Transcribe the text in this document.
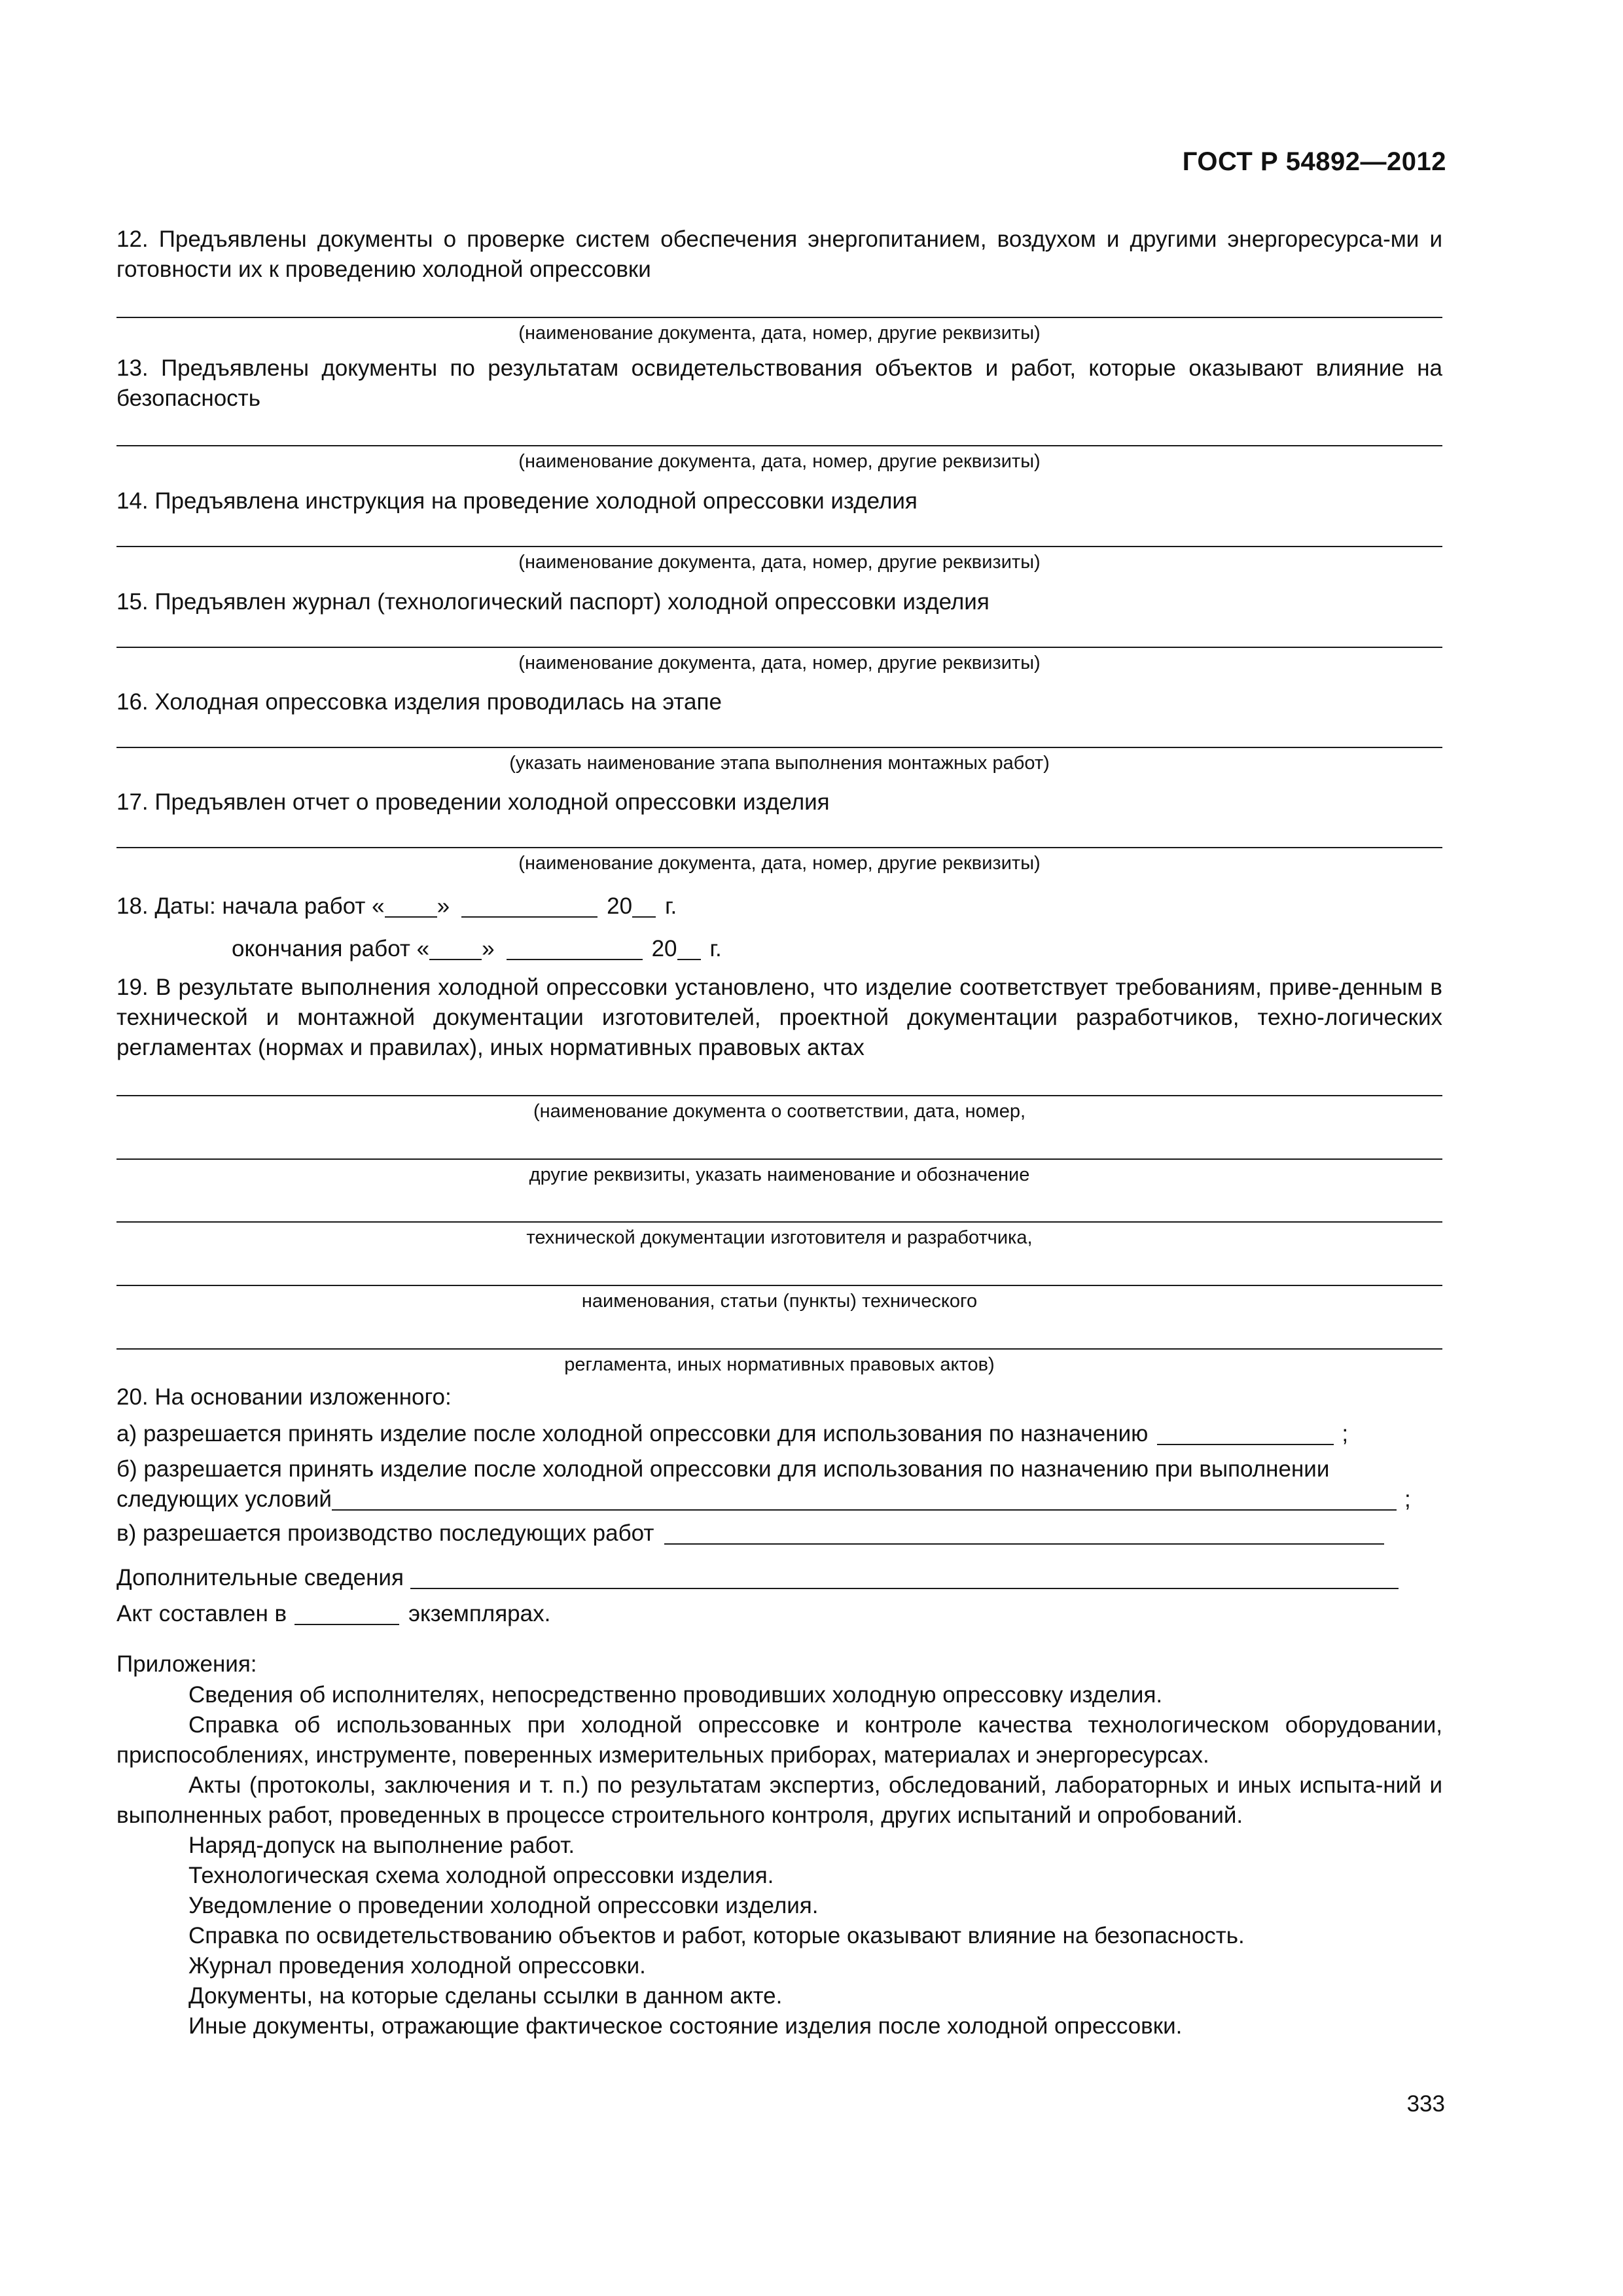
ГОСТ Р 54892—2012
12. Предъявлены документы о проверке систем обеспечения энергопитанием, воздухом и другими энергоресурса-ми и готовности их к проведению холодной опрессовки
(наименование документа, дата, номер, другие реквизиты)
13. Предъявлены документы по результатам освидетельствования объектов и работ, которые оказывают влияние на безопасность
(наименование документа, дата, номер, другие реквизиты)
14. Предъявлена инструкция на проведение холодной опрессовки изделия
(наименование документа, дата, номер, другие реквизиты)
15. Предъявлен журнал (технологический паспорт) холодной опрессовки изделия
(наименование документа, дата, номер, другие реквизиты)
16. Холодная опрессовка изделия проводилась на этапе
(указать наименование этапа выполнения монтажных работ)
17. Предъявлен отчет о проведении холодной опрессовки изделия
(наименование документа, дата, номер, другие реквизиты)
18. Даты: начала работ « »	20 г.
окончания работ « »	20 г.
19. В результате выполнения холодной опрессовки установлено, что изделие соответствует требованиям, приве-денным в технической и монтажной документации изготовителей, проектной документации разработчиков, техно-логических регламентах (нормах и правилах), иных нормативных правовых актах
(наименование документа о соответствии, дата, номер,
другие реквизиты, указать наименование и обозначение
технической документации изготовителя и разработчика,
наименования, статьи (пункты) технического
регламента, иных нормативных правовых актов)
20. На основании изложенного:
а) разрешается принять изделие после холодной опрессовки для использования по назначению	;
б) разрешается принять изделие после холодной опрессовки для использования по назначению при выполнении
следующих условий	;
в) разрешается производство последующих работ
Дополнительные сведения
Акт составлен в	экземплярах.
Приложения:
Сведения об исполнителях, непосредственно проводивших холодную опрессовку изделия.
Справка об использованных при холодной опрессовке и контроле качества технологическом оборудовании, приспособлениях, инструменте, поверенных измерительных приборах, материалах и энергоресурсах.
Акты (протоколы, заключения и т. п.) по результатам экспертиз, обследований, лабораторных и иных испыта-ний и выполненных работ, проведенных в процессе строительного контроля, других испытаний и опробований.
Наряд-допуск на выполнение работ.
Технологическая схема холодной опрессовки изделия.
Уведомление о проведении холодной опрессовки изделия.
Справка по освидетельствованию объектов и работ, которые оказывают влияние на безопасность.
Журнал проведения холодной опрессовки.
Документы, на которые сделаны ссылки в данном акте.
Иные документы, отражающие фактическое состояние изделия после холодной опрессовки.
333
